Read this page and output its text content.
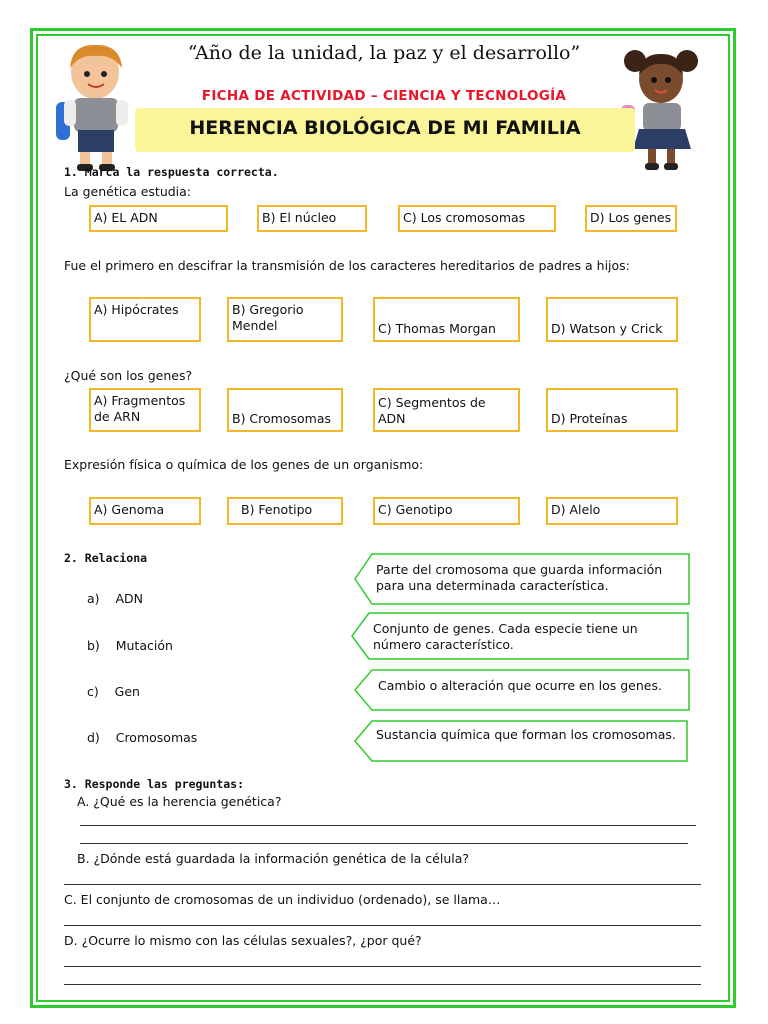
“Año de la unidad, la paz y el desarrollo”
FICHA DE ACTIVIDAD – CIENCIA Y TECNOLOGÍA
HERENCIA BIOLÓGICA DE MI FAMILIA
1. Marca la respuesta correcta.
La genética estudia:
A) EL ADN	B) El núcleo	C) Los cromosomas	D) Los genes
Fue el primero en descifrar la transmisión de los caracteres hereditarios de padres a hijos:
A) Hipócrates	B) Gregorio Mendel	C) Thomas Morgan	D) Watson y Crick
¿Qué son los genes?
A) Fragmentos de ARN	B) Cromosomas
C) Segmentos de ADN	D) Proteínas
Expresión física o química de los genes de un organismo:
A) Genoma	B) Fenotipo	C) Genotipo	D) Alelo
2. Relaciona
a) ADN
b) Mutación
c) Gen
d) Cromosomas
Parte del cromosoma que guarda información para una determinada característica.
Conjunto de genes. Cada especie tiene un número característico.
Cambio o alteración que ocurre en los genes.
Sustancia química que forman los cromosomas.
3. Responde las preguntas:
A. ¿Qué es la herencia genética?
B. ¿Dónde está guardada la información genética de la célula?
C. El conjunto de cromosomas de un individuo (ordenado), se llama…
D. ¿Ocurre lo mismo con las células sexuales?, ¿por qué?
